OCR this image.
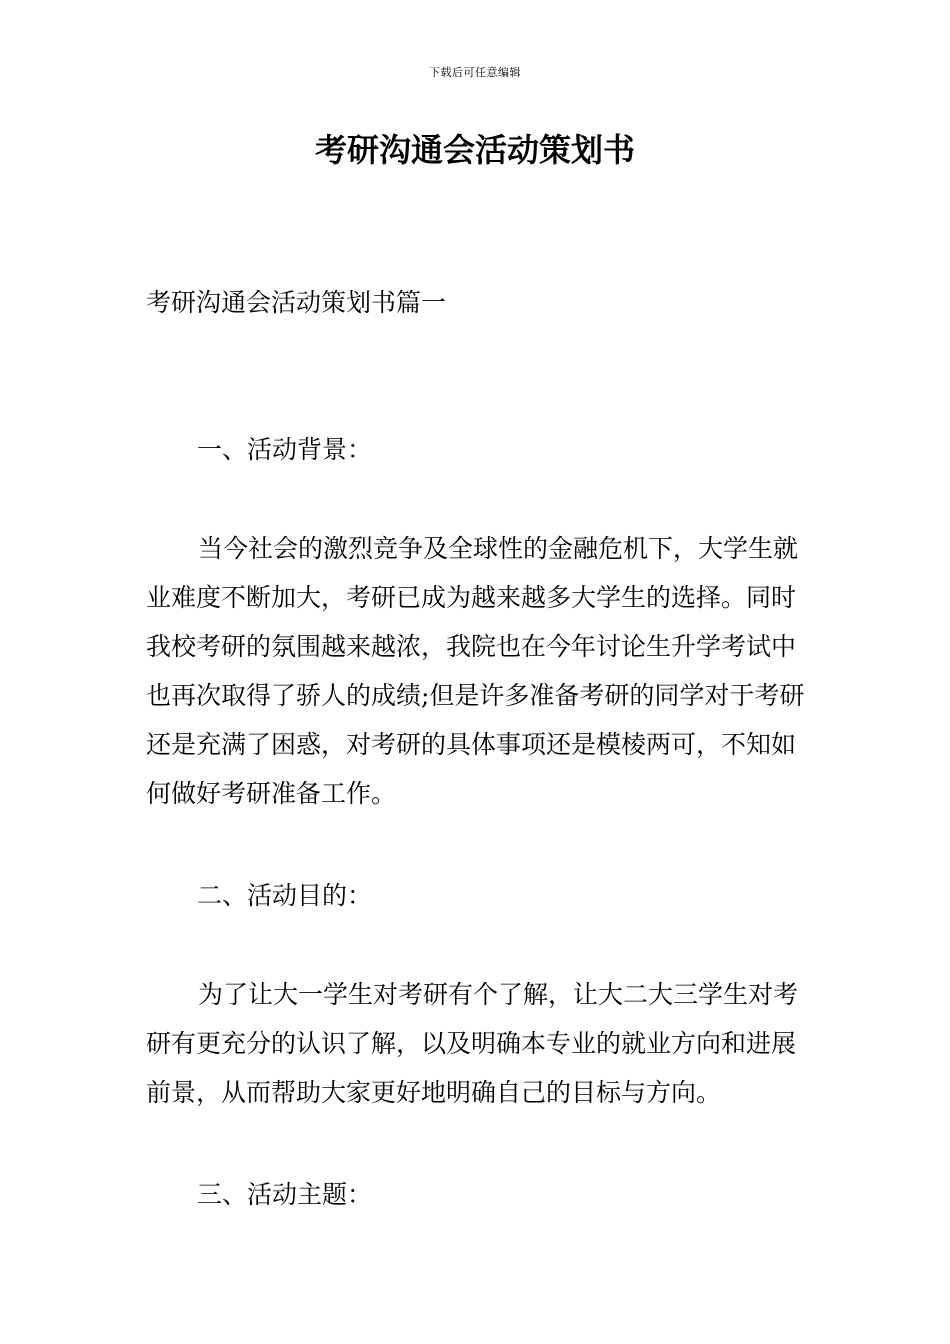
下载后可任意编辑
考研沟通会活动策划书

考研沟通会活动策划书篇一

一、活动背景：

当今社会的激烈竞争及全球性的金融危机下，大学生就业难度不断加大，考研已成为越来越多大学生的选择。同时我校考研的氛围越来越浓，我院也在今年讨论生升学考试中也再次取得了骄人的成绩;但是许多准备考研的同学对于考研还是充满了困惑，对考研的具体事项还是模棱两可，不知如何做好考研准备工作。

二、活动目的：

为了让大一学生对考研有个了解，让大二大三学生对考研有更充分的认识了解，以及明确本专业的就业方向和进展前景，从而帮助大家更好地明确自己的目标与方向。

三、活动主题：
